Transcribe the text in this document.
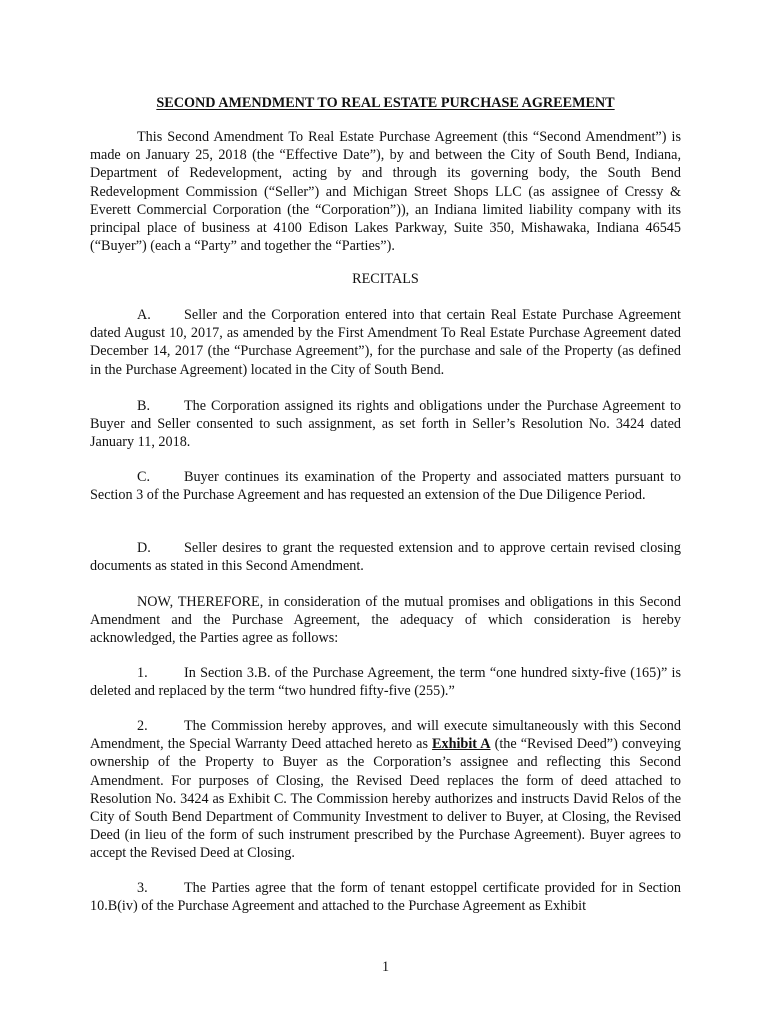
SECOND AMENDMENT TO REAL ESTATE PURCHASE AGREEMENT

This Second Amendment To Real Estate Purchase Agreement (this “Second Amendment”) is made on January 25, 2018 (the “Effective Date”), by and between the City of South Bend, Indiana, Department of Redevelopment, acting by and through its governing body, the South Bend Redevelopment Commission (“Seller”) and Michigan Street Shops LLC (as assignee of Cressy & Everett Commercial Corporation (the “Corporation”)), an Indiana limited liability company with its principal place of business at 4100 Edison Lakes Parkway, Suite 350, Mishawaka, Indiana 46545 (“Buyer”) (each a “Party” and together the “Parties”).

RECITALS

A. Seller and the Corporation entered into that certain Real Estate Purchase Agreement dated August 10, 2017, as amended by the First Amendment To Real Estate Purchase Agreement dated December 14, 2017 (the “Purchase Agreement”), for the purchase and sale of the Property (as defined in the Purchase Agreement) located in the City of South Bend.

B. The Corporation assigned its rights and obligations under the Purchase Agreement to Buyer and Seller consented to such assignment, as set forth in Seller’s Resolution No. 3424 dated January 11, 2018.

C. Buyer continues its examination of the Property and associated matters pursuant to Section 3 of the Purchase Agreement and has requested an extension of the Due Diligence Period.

D. Seller desires to grant the requested extension and to approve certain revised closing documents as stated in this Second Amendment.

NOW, THEREFORE, in consideration of the mutual promises and obligations in this Second Amendment and the Purchase Agreement, the adequacy of which consideration is hereby acknowledged, the Parties agree as follows:

1.	In Section 3.B. of the Purchase Agreement, the term “one hundred sixty-five (165)” is deleted and replaced by the term “two hundred fifty-five (255).”

2.	The Commission hereby approves, and will execute simultaneously with this Second Amendment, the Special Warranty Deed attached hereto as Exhibit A (the “Revised Deed”) conveying ownership of the Property to Buyer as the Corporation’s assignee and reflecting this Second Amendment. For purposes of Closing, the Revised Deed replaces the form of deed attached to Resolution No. 3424 as Exhibit C. The Commission hereby authorizes and instructs David Relos of the City of South Bend Department of Community Investment to deliver to Buyer, at Closing, the Revised Deed (in lieu of the form of such instrument prescribed by the Purchase Agreement). Buyer agrees to accept the Revised Deed at Closing.

3.	The Parties agree that the form of tenant estoppel certificate provided for in Section 10.B(iv) of the Purchase Agreement and attached to the Purchase Agreement as Exhibit

1
